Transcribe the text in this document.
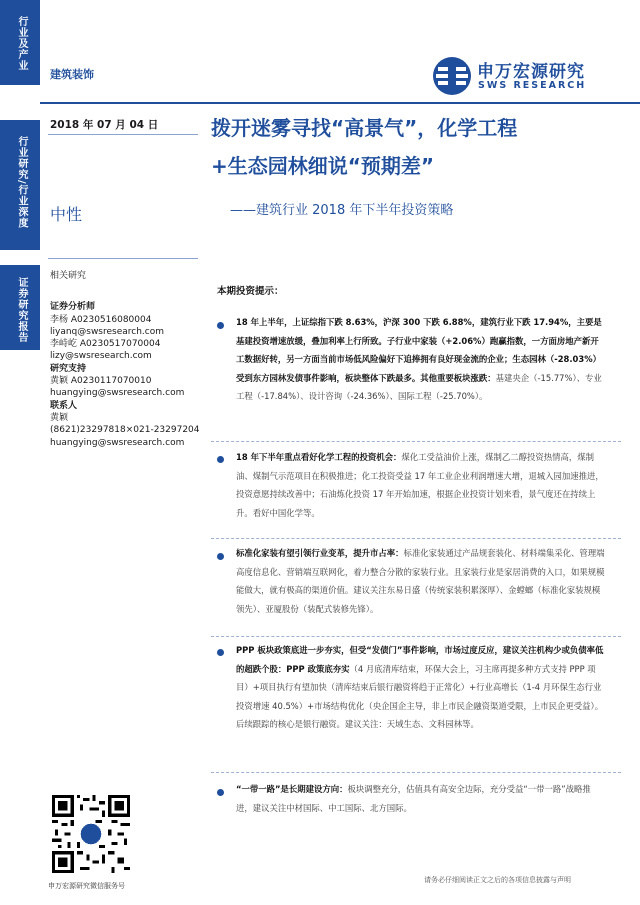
行业及产业
行业研究/行业深度
证券研究报告
建筑装饰	申万宏源研究
SWS RESEARCH
2018 年 07 月 04 日
中性
拨开迷雾寻找“高景气”，化学工程
+生态园林细说“预期差”
——建筑行业 2018 年下半年投资策略
相关研究
证券分析师
李杨 A0230516080004
liyanq@swsresearch.com
李峙屹 A0230517070004
lizy@swsresearch.com
研究支持
黄颖 A0230117070010
huangying@swsresearch.com
联系人
黄颖
(8621)23297818×021-23297204
huangying@swsresearch.com
本期投资提示：
18 年上半年，上证综指下跌 8.63%，沪深 300 下跌 6.88%，建筑行业下跌 17.94%，主要是基建投资增速放缓，叠加利率上行所致。子行业中家装（+2.06%）跑赢指数，一方面房地产新开工数据好转，另一方面当前市场低风险偏好下追捧拥有良好现金流的企业；生态园林（-28.03%）受到东方园林发债事件影响，板块整体下跌最多。其他重要板块涨跌：基建央企（-15.77%）、专业工程（-17.84%）、设计咨询（-24.36%）、国际工程（-25.70%）。
18 年下半年重点看好化学工程的投资机会：煤化工受益油价上涨，煤制乙二醇投资热情高，煤制油、煤制气示范项目在积极推进；化工投资受益 17 年工业企业利润增速大增，退城入园加速推进，投资意愿持续改善中；石油炼化投资 17 年开始加速，根据企业投资计划来看，景气度还在持续上升。看好中国化学等。
标准化家装有望引领行业变革，提升市占率：标准化家装通过产品规套装化、材料端集采化、管理端高度信息化、营销端互联网化，着力整合分散的家装行业。且家装行业是家居消费的入口，如果规模能做大，就有极高的渠道价值。建议关注东易日盛（传统家装积累深厚）、金螳螂（标准化家装规模领先）、亚厦股份（装配式装修先锋）。
PPP 板块政策底进一步夯实，但受“发债门”事件影响，市场过度反应，建议关注机构少或负债率低的超跌个股：PPP 政策底夯实（4 月底清库结束，环保大会上，习主席再提多种方式支持 PPP 项目）+项目执行有望加快（清库结束后银行融资将趋于正常化）+行业高增长（1-4 月环保生态行业投资增速 40.5%）+市场结构优化（央企国企主导，非上市民企融资渠道受限，上市民企更受益）。后续跟踪的核心是银行融资。建议关注：天域生态、文科园林等。
“一带一路”是长期建设方向：板块调整充分，估值具有高安全边际，充分受益“一带一路”战略推进，建议关注中材国际、中工国际、北方国际。
申万宏源研究微信服务号
请务必仔细阅读正文之后的各项信息披露与声明
